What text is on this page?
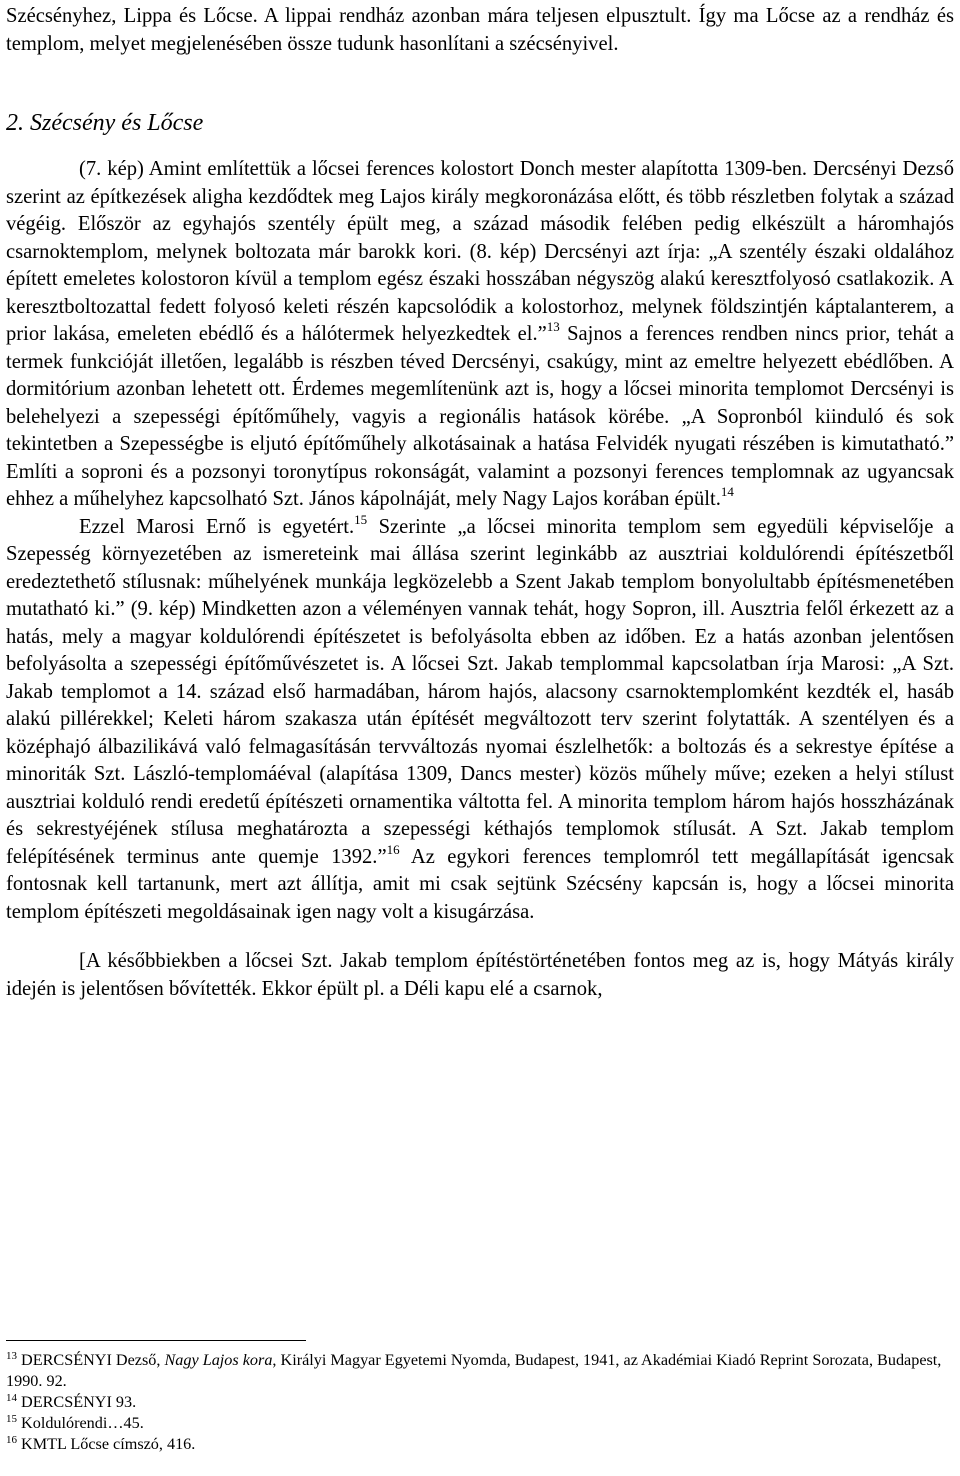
Szécsényhez, Lippa és Lőcse. A lippai rendház azonban mára teljesen elpusztult. Így ma Lőcse az a rendház és templom, melyet megjelenésében össze tudunk hasonlítani a szécsényivel.

2. Szécsény és Lőcse

(7. kép) Amint említettük a lőcsei ferences kolostort Donch mester alapította 1309-ben. Dercsényi Dezső szerint az építkezések aligha kezdődtek meg Lajos király megkoronázása előtt, és több részletben folytak a század végéig. Először az egyhajós szentély épült meg, a század második felében pedig elkészült a háromhajós csarnoktemplom, melynek boltozata már barokk kori. (8. kép) Dercsényi azt írja: „A szentély északi oldalához épített emeletes kolostoron kívül a templom egész északi hosszában négyszög alakú keresztfolyosó csatlakozik. A keresztboltozattal fedett folyosó keleti részén kapcsolódik a kolostorhoz, melynek földszintjén káptalanterem, a prior lakása, emeleten ebédlő és a hálótermek helyezkedtek el.”$^{13}$ Sajnos a ferences rendben nincs prior, tehát a termek funkcióját illetően, legalább is részben téved Dercsényi, csakúgy, mint az emeltre helyezett ebédlőben. A dormitórium azonban lehetett ott. Érdemes megemlítenünk azt is, hogy a lőcsei minorita templomot Dercsényi is belehelyezi a szepességi építőműhely, vagyis a regionális hatások körébe. „A Sopronból kiinduló és sok tekintetben a Szepességbe is eljutó építőműhely alkotásainak a hatása Felvidék nyugati részében is kimutatható.” Említi a soproni és a pozsonyi toronytípus rokonságát, valamint a pozsonyi ferences templomnak az ugyancsak ehhez a műhelyhez kapcsolható Szt. János kápolnáját, mely Nagy Lajos korában épült.$^{14}$

Ezzel Marosi Ernő is egyetért.$^{15}$ Szerinte „a lőcsei minorita templom sem egyedüli képviselője a Szepesség környezetében az ismereteink mai állása szerint leginkább az ausztriai koldulórendi építészetből eredeztethető stílusnak: műhelyének munkája legközelebb a Szent Jakab templom bonyolultabb építésmenetében mutatható ki.” (9. kép) Mindketten azon a véleményen vannak tehát, hogy Sopron, ill. Ausztria felől érkezett az a hatás, mely a magyar koldulórendi építészetet is befolyásolta ebben az időben. Ez a hatás azonban jelentősen befolyásolta a szepességi építőművészetet is. A lőcsei Szt. Jakab templommal kapcsolatban írja Marosi: „A Szt. Jakab templomot a 14. század első harmadában, három hajós, alacsony csarnoktemplomként kezdték el, hasáb alakú pillérekkel; Keleti három szakasza után építését megváltozott terv szerint folytatták. A szentélyen és a középhajó álbazilikává való felmagasításán tervváltozás nyomai észlelhetők: a boltozás és a sekrestye építése a minoriták Szt. László-templomáéval (alapítása 1309, Dancs mester) közös műhely műve; ezeken a helyi stílust ausztriai kolduló rendi eredetű építészeti ornamentika váltotta fel. A minorita templom három hajós hosszházának és sekrestyéjének stílusa meghatározta a szepességi kéthajós templomok stílusát. A Szt. Jakab templom felépítésének terminus ante quemje 1392.”$^{16}$ Az egykori ferences templomról tett megállapítását igencsak fontosnak kell tartanunk, mert azt állítja, amit mi csak sejtünk Szécsény kapcsán is, hogy a lőcsei minorita templom építészeti megoldásainak igen nagy volt a kisugárzása.

[A későbbiekben a lőcsei Szt. Jakab templom építéstörténetében fontos meg az is, hogy Mátyás király idején is jelentősen bővítették. Ekkor épült pl. a Déli kapu elé a csarnok,

$^{13}$ DERCSÉNYI Dezső, Nagy Lajos kora, Királyi Magyar Egyetemi Nyomda, Budapest, 1941, az Akadémiai Kiadó Reprint Sorozata, Budapest, 1990. 92.

$^{14}$ DERCSÉNYI 93.

$^{15}$ Koldulórendi…45.

$^{16}$ KMTL Lőcse címszó, 416.
